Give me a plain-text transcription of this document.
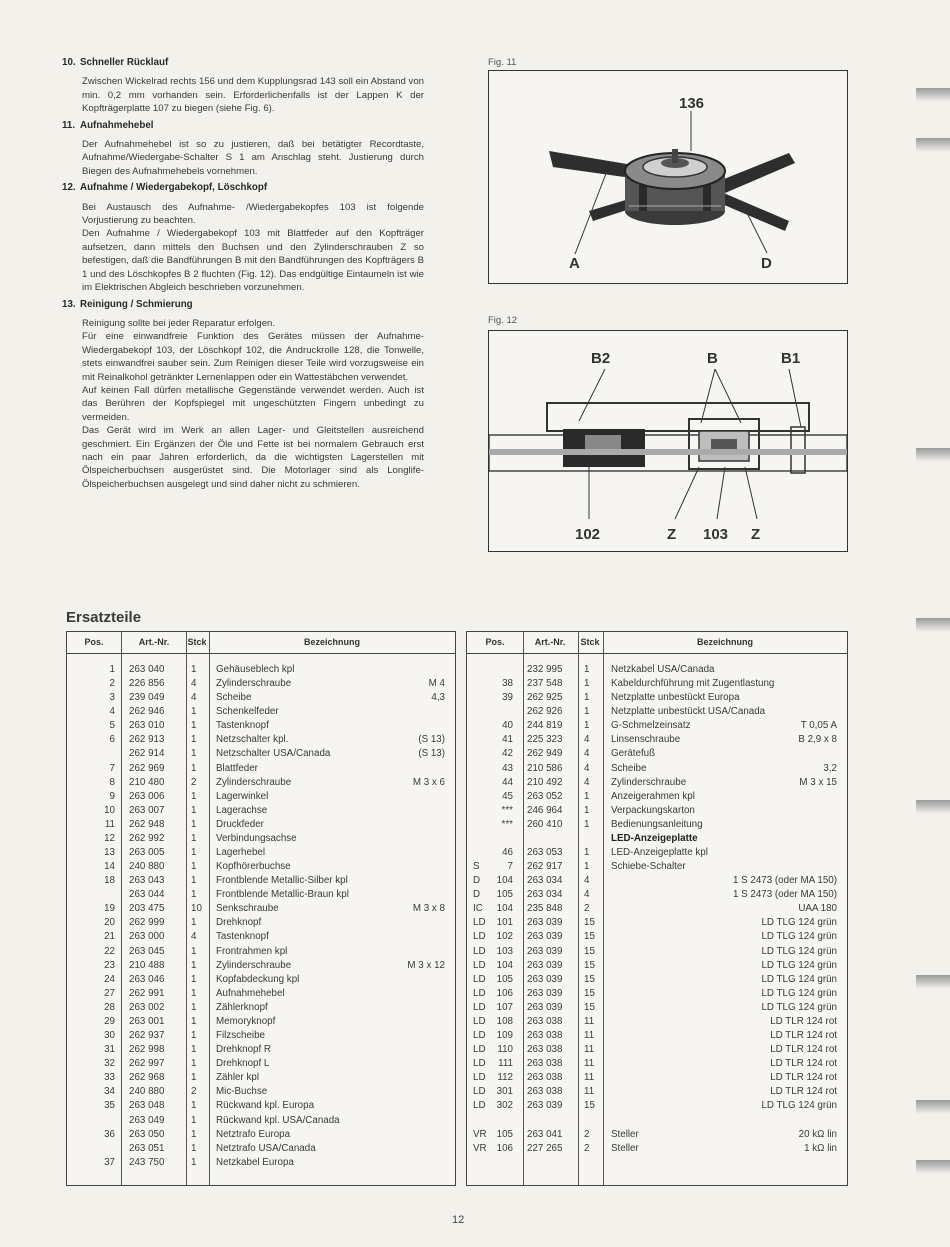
10. Schneller Rücklauf
Zwischen Wickelrad rechts 156 und dem Kupplungsrad 143 soll ein Abstand von min. 0,2 mm vorhanden sein. Erforderlichenfalls ist der Lappen K der Kopfträgerplatte 107 zu biegen (siehe Fig. 6).
11. Aufnahmehebel
Der Aufnahmehebel ist so zu justieren, daß bei betätigter Recordtaste, Aufnahme/Wiedergabe-Schalter S 1 am Anschlag steht. Justierung durch Biegen des Aufnahmehebels vornehmen.
12. Aufnahme / Wiedergabekopf, Löschkopf
Bei Austausch des Aufnahme- /Wiedergabekopfes 103 ist folgende Vorjustierung zu beachten.
Den Aufnahme / Wiedergabekopf 103 mit Blattfeder auf den Kopfträger aufsetzen, dann mittels den Buchsen und den Zylinderschrauben Z so befestigen, daß die Bandführungen B mit den Bandführungen des Kopfträgers B 1 und des Löschkopfes B 2 fluchten (Fig. 12). Das endgültige Eintaumeln ist wie im Elektrischen Abgleich beschrieben vorzunehmen.
13. Reinigung / Schmierung
Reinigung sollte bei jeder Reparatur erfolgen.
Für eine einwandfreie Funktion des Gerätes müssen der Aufnahme-Wiedergabekopf 103, der Löschkopf 102, die Andruckrolle 128, die Tonwelle, stets einwandfrei sauber sein. Zum Reinigen dieser Teile wird vorzugsweise ein mit Reinalkohol getränkter Lernenlappen oder ein Wattestäbchen verwendet.
Auf keinen Fall dürfen metallische Gegenstände verwendet werden. Auch ist das Berühren der Kopfspiegel mit ungeschützten Fingern unbedingt zu vermeiden.
Das Gerät wird im Werk an allen Lager- und Gleitstellen ausreichend geschmiert. Ein Ergänzen der Öle und Fette ist bei normalem Gebrauch erst nach ein paar Jahren erforderlich, da die wichtigsten Lagerstellen mit Ölspeicherbuchsen ausgerüstet sind. Die Motorlager sind als Longlife-Ölspeicherbuchsen ausgelegt und sind daher nicht zu schmieren.
Fig. 11
136
A	D
Fig. 12
B2	B	B1
102	Z 103 Z
Ersatzteile
Pos.	Art.-Nr.	Stck	Bezeichnung
1 263 040	1 Gehäuseblech kpl
2 226 856	4 Zylinderschraube	M 4
3 239 049	4 Scheibe	4,3
4 262 946	1 Schenkelfeder
5 263 010	1 Tastenknopf
6 262 913	1 Netzschalter kpl.	(S 13)
262 914	1 Netzschalter USA/Canada	(S 13)
7 262 969	1 Blattfeder
8 210 480	2 Zylinderschraube	M 3 x 6
9 263 006	1 Lagerwinkel
10 263 007	1 Lagerachse
11 262 948	1 Druckfeder
12 262 992	1 Verbindungsachse
13 263 005	1 Lagerhebel
14 240 880	1 Kopfhörerbuchse
18 263 043	1 Frontblende Metallic-Silber kpl
263 044	1 Frontblende Metallic-Braun kpl
19 203 475	10 Senkschraube	M 3 x 8
20 262 999	1 Drehknopf
21 263 000	4 Tastenknopf
22 263 045	1 Frontrahmen kpl
23 210 488	1 Zylinderschraube	M 3 x 12
24 263 046	1 Kopfabdeckung kpl
27 262 991	1 Aufnahmehebel
28 263 002	1 Zählerknopf
29 263 001	1 Memoryknopf
30 262 937	1 Filzscheibe
31 262 998	1 Drehknopf R
32 262 997	1 Drehknopf L
33 262 968	1 Zähler kpl
34 240 880	2 Mic-Buchse
35 263 048	1 Rückwand kpl. Europa
263 049	1 Rückwand kpl. USA/Canada
36 263 050	1 Netztrafo Europa
263 051	1 Netztrafo USA/Canada
37 243 750	1 Netzkabel Europa
Pos.	Art.-Nr.	Stck	Bezeichnung
232 995 1 Netzkabel USA/Canada
38 237 548 1 Kabeldurchführung mit Zugentlastung
39 262 925 1 Netzplatte unbestückt Europa
262 926 1 Netzplatte unbestückt USA/Canada
40 244 819 1 G-Schmelzeinsatz	T 0,05 A
41 225 323 4 Linsenschraube	B 2,9 x 8
42 262 949 4 Gerätefuß
43 210 586 4 Scheibe	3,2
44 210 492 4 Zylinderschraube	M 3 x 15
45 263 052 1 Anzeigerahmen kpl
*** 246 964 1 Verpackungskarton
*** 260 410 1 Bedienungsanleitung
LED-Anzeigeplatte
46 263 053 1 LED-Anzeigeplatte kpl
S	7 262 917 1 Schiebe-Schalter
D	104 263 034 4	1 S 2473 (oder MA 150)
D	105 263 034 4	1 S 2473 (oder MA 150)
IC	104 235 848 2	UAA 180
LD	101 263 039 15	LD TLG 124 grün
LD	102 263 039 15	LD TLG 124 grün
LD	103 263 039 15	LD TLG 124 grün
LD	104 263 039 15	LD TLG 124 grün
LD	105 263 039 15	LD TLG 124 grün
LD	106 263 039 15	LD TLG 124 grün
LD	107 263 039 15	LD TLG 124 grün
LD	108 263 038 11	LD TLR 124 rot
LD	109 263 038 11	LD TLR 124 rot
LD	110 263 038 11	LD TLR 124 rot
LD	111 263 038 11	LD TLR 124 rot
LD	112 263 038 11	LD TLR 124 rot
LD	301 263 038 11	LD TLR 124 rot
LD	302 263 039 15	LD TLG 124 grün
VR	105 263 041 2 Steller	20 kΩ lin
VR	106 227 265 2 Steller	1 kΩ lin
12
